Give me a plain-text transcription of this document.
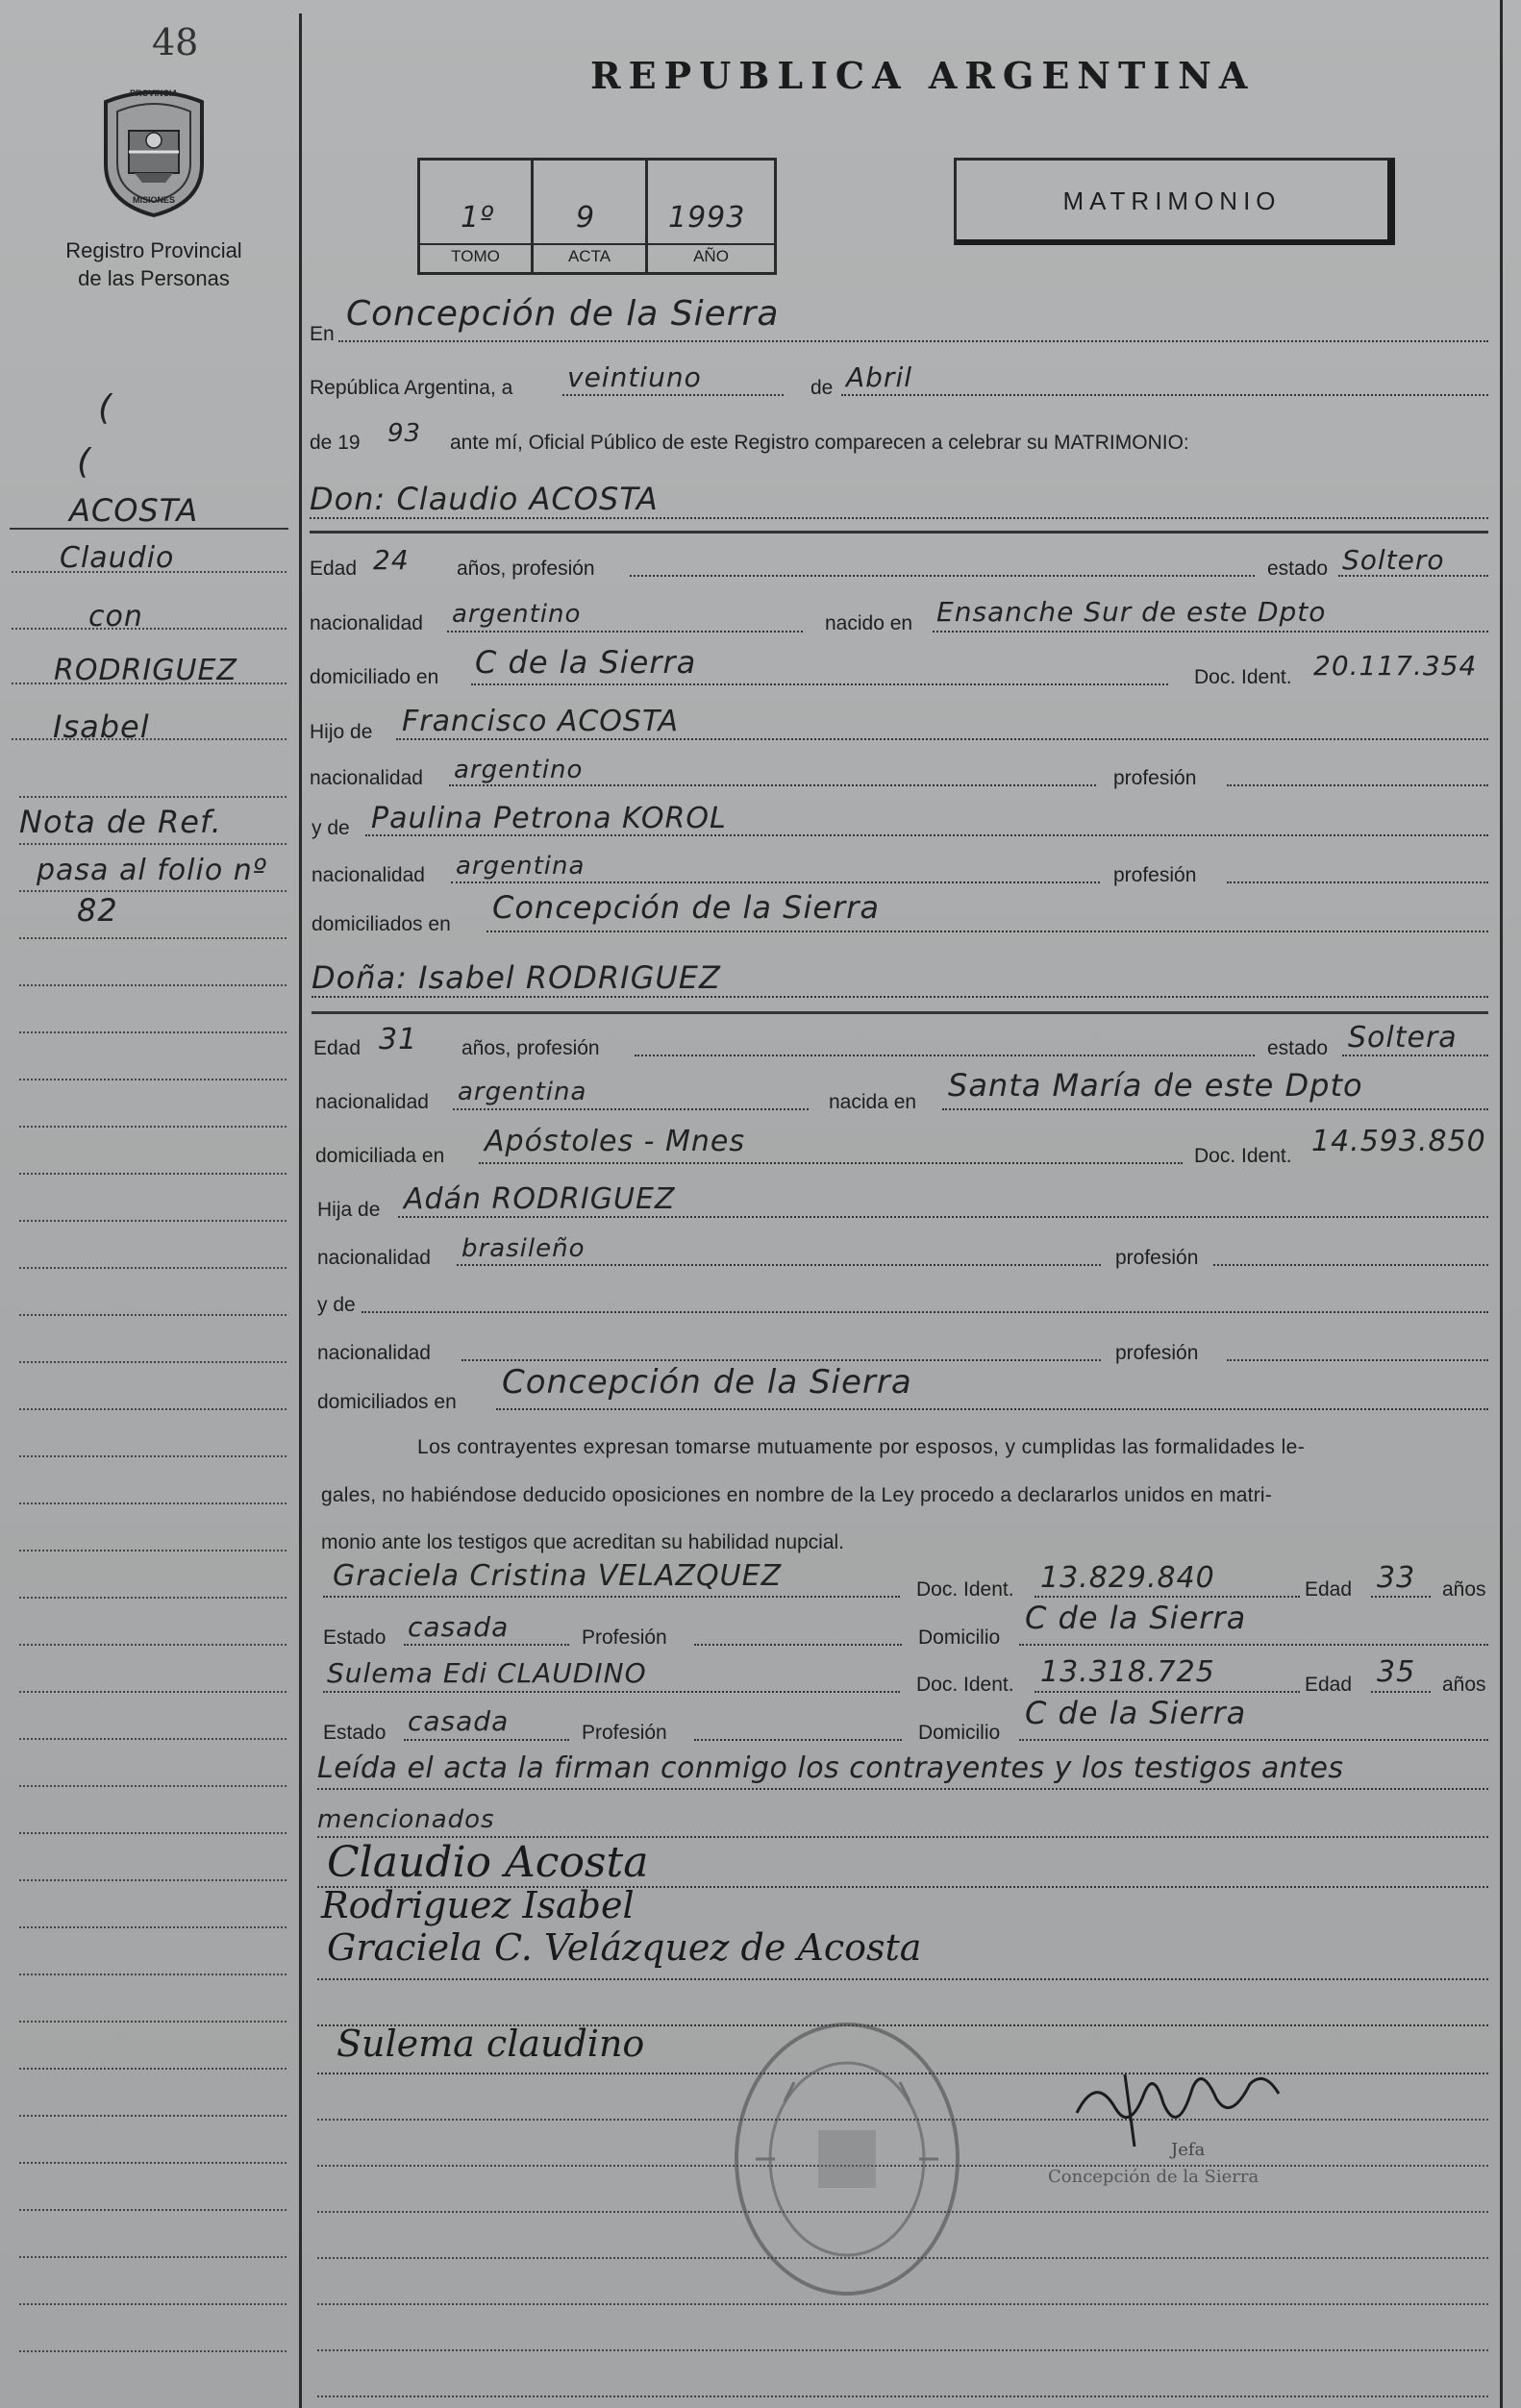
48
PROVINCIA
MISIONES
Registro Provincial
de las Personas
(
(
ACOSTA
Claudio
con
RODRIGUEZ
Isabel
Nota de Ref.
pasa al folio nº
82
REPUBLICA ARGENTINA
1º	9	1993
TOMO	ACTA	AÑO
MATRIMONIO
En
Concepción de la Sierra
República Argentina, a veintiuno	de Abril
de 19 93 ante mí, Oficial Público de este Registro comparecen a celebrar su MATRIMONIO:
Don: Claudio ACOSTA
Edad 24 años, profesión	estado Soltero
nacionalidad argentino	nacido en Ensanche Sur de este Dpto
domiciliado en C de la Sierra	Doc. Ident. 20.117.354
Hijo de Francisco ACOSTA
nacionalidad argentino	profesión
y de Paulina Petrona KOROL
nacionalidad argentina	profesión
domiciliados en Concepción de la Sierra
Doña: Isabel RODRIGUEZ
Edad 31 años, profesión	estado Soltera
nacionalidad argentina	nacida en Santa María de este Dpto
domiciliada en Apóstoles - Mnes	Doc. Ident. 14.593.850
Hija de Adán RODRIGUEZ
nacionalidad brasileño	profesión
y de
nacionalidad	profesión
domiciliados en
Concepción de la Sierra
Los contrayentes expresan tomarse mutuamente por esposos, y cumplidas las formalidades le-
gales, no habiéndose deducido oposiciones en nombre de la Ley procedo a declararlos unidos en matri-
monio ante los testigos que acreditan su habilidad nupcial.
Graciela Cristina VELAZQUEZ	Doc. Ident. 13.829.840	Edad 33 años
Estado casada	Profesión	Domicilio
C de la Sierra
Sulema Edi CLAUDINO	Doc. Ident. 13.318.725	Edad 35 años
Estado casada	Profesión	Domicilio
C de la Sierra
Leída el acta la firman conmigo los contrayentes y los testigos antes
mencionados
Claudio Acosta
Rodriguez Isabel
Graciela C. Velázquez de Acosta
Sulema claudino
Jefa
Concepción de la Sierra
